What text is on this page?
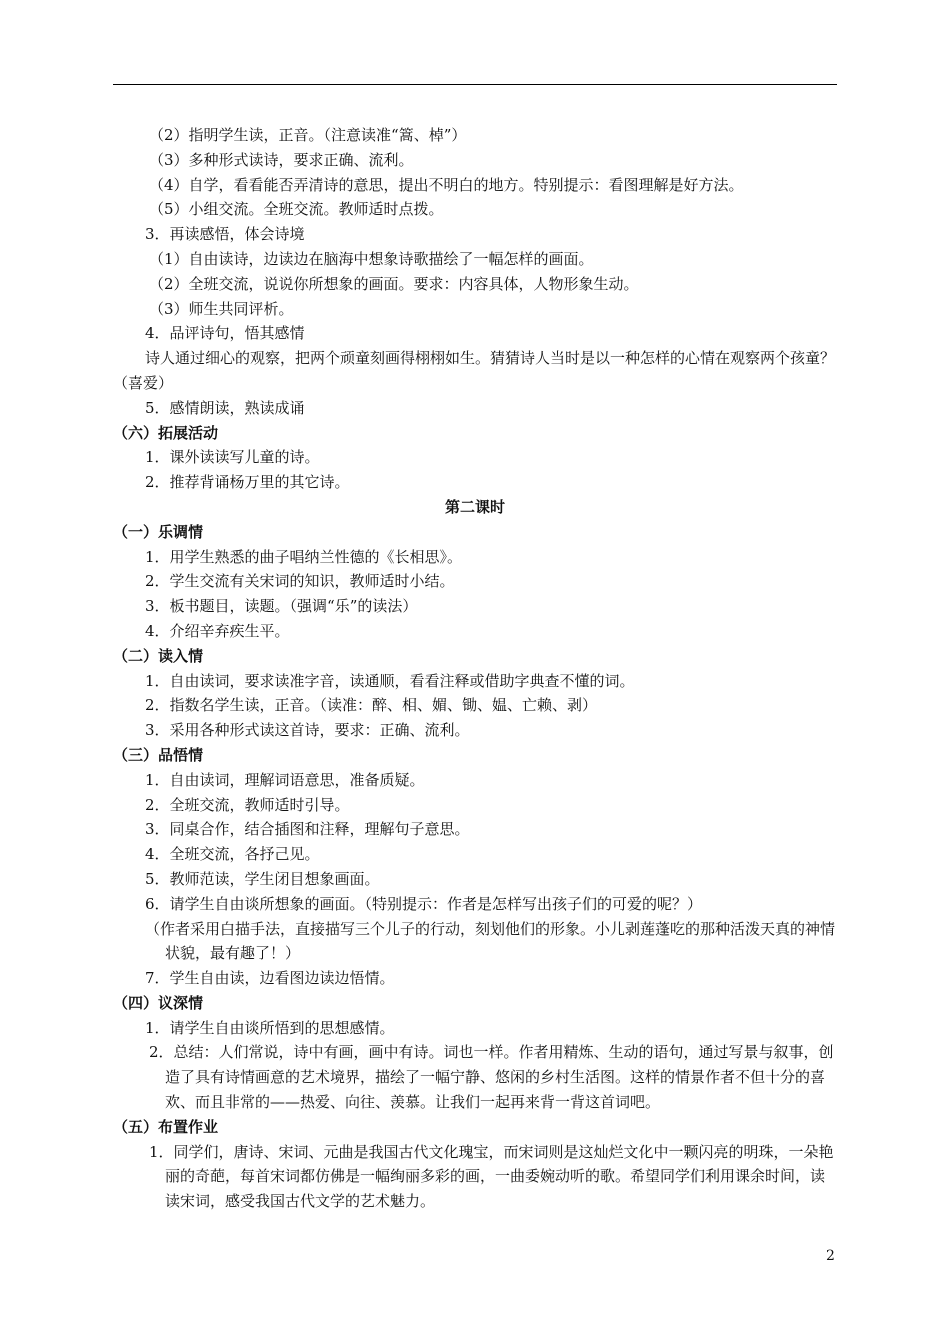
（2）指明学生读，正音。（注意读准“篙、棹”）
（3）多种形式读诗，要求正确、流利。
（4）自学，看看能否弄清诗的意思，提出不明白的地方。特别提示：看图理解是好方法。
（5）小组交流。全班交流。教师适时点拨。
3．再读感悟，体会诗境
（1）自由读诗，边读边在脑海中想象诗歌描绘了一幅怎样的画面。
（2）全班交流，说说你所想象的画面。要求：内容具体，人物形象生动。
（3）师生共同评析。
4．品评诗句，悟其感情
诗人通过细心的观察，把两个顽童刻画得栩栩如生。猜猜诗人当时是以一种怎样的心情在观察两个孩童？（喜爱）
5．感情朗读，熟读成诵
（六）拓展活动
1．课外读读写儿童的诗。
2．推荐背诵杨万里的其它诗。
第二课时
（一）乐调情
1．用学生熟悉的曲子唱纳兰性德的《长相思》。
2．学生交流有关宋词的知识，教师适时小结。
3．板书题目，读题。（强调“乐”的读法）
4．介绍辛弃疾生平。
（二）读入情
1．自由读词，要求读准字音，读通顺，看看注释或借助字典查不懂的词。
2．指数名学生读，正音。（读准：醉、相、媚、锄、媪、亡赖、剥）
3．采用各种形式读这首诗，要求：正确、流利。
（三）品悟情
1．自由读词，理解词语意思，准备质疑。
2．全班交流，教师适时引导。
3．同桌合作，结合插图和注释，理解句子意思。
4．全班交流，各抒己见。
5．教师范读，学生闭目想象画面。
6．请学生自由谈所想象的画面。（特别提示：作者是怎样写出孩子们的可爱的呢？）
（作者采用白描手法，直接描写三个儿子的行动，刻划他们的形象。小儿剥莲蓬吃的那种活泼天真的神情状貌，最有趣了！）
7．学生自由读，边看图边读边悟情。
（四）议深情
1．请学生自由谈所悟到的思想感情。
2．总结：人们常说，诗中有画，画中有诗。词也一样。作者用精炼、生动的语句，通过写景与叙事，创造了具有诗情画意的艺术境界，描绘了一幅宁静、悠闲的乡村生活图。这样的情景作者不但十分的喜欢、而且非常的——热爱、向往、羡慕。让我们一起再来背一背这首词吧。
（五）布置作业
1．同学们，唐诗、宋词、元曲是我国古代文化瑰宝，而宋词则是这灿烂文化中一颗闪亮的明珠，一朵艳丽的奇葩，每首宋词都仿佛是一幅绚丽多彩的画，一曲委婉动听的歌。希望同学们利用课余时间，读读宋词，感受我国古代文学的艺术魅力。
2
